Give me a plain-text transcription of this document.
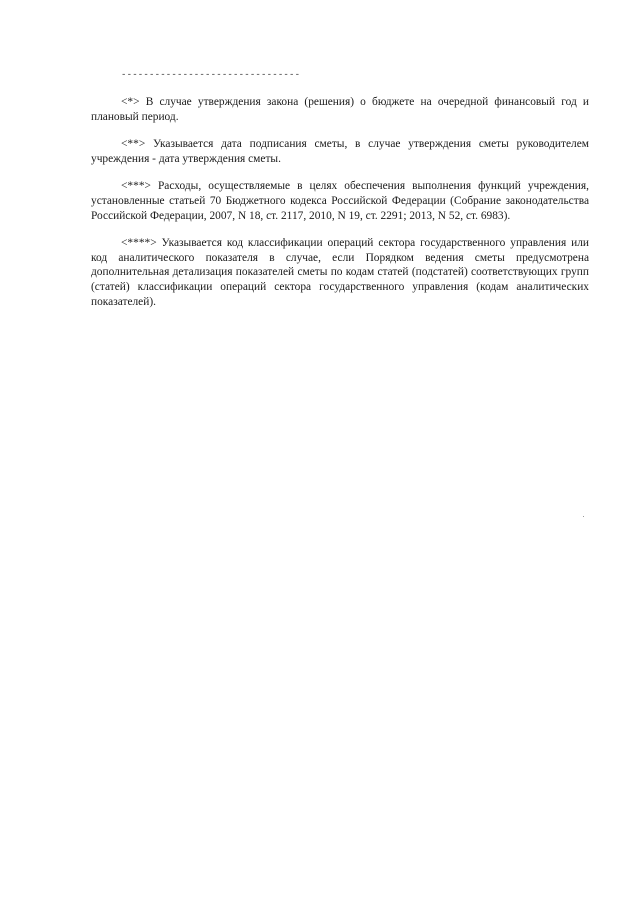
--------------------------------

<*> В случае утверждения закона (решения) о бюджете на очередной финансовый год и плановый период.

<**> Указывается дата подписания сметы, в случае утверждения сметы руководителем учреждения - дата утверждения сметы.

<***> Расходы, осуществляемые в целях обеспечения выполнения функций учреждения, установленные статьей 70 Бюджетного кодекса Российской Федерации (Собрание законодательства Российской Федерации, 2007, N 18, ст. 2117, 2010, N 19, ст. 2291; 2013, N 52, ст. 6983).

<****> Указывается код классификации операций сектора государственного управления или код аналитического показателя в случае, если Порядком ведения сметы предусмотрена дополнительная детализация показателей сметы по кодам статей (подстатей) соответствующих групп (статей) классификации операций сектора государственного управления (кодам аналитических показателей).
